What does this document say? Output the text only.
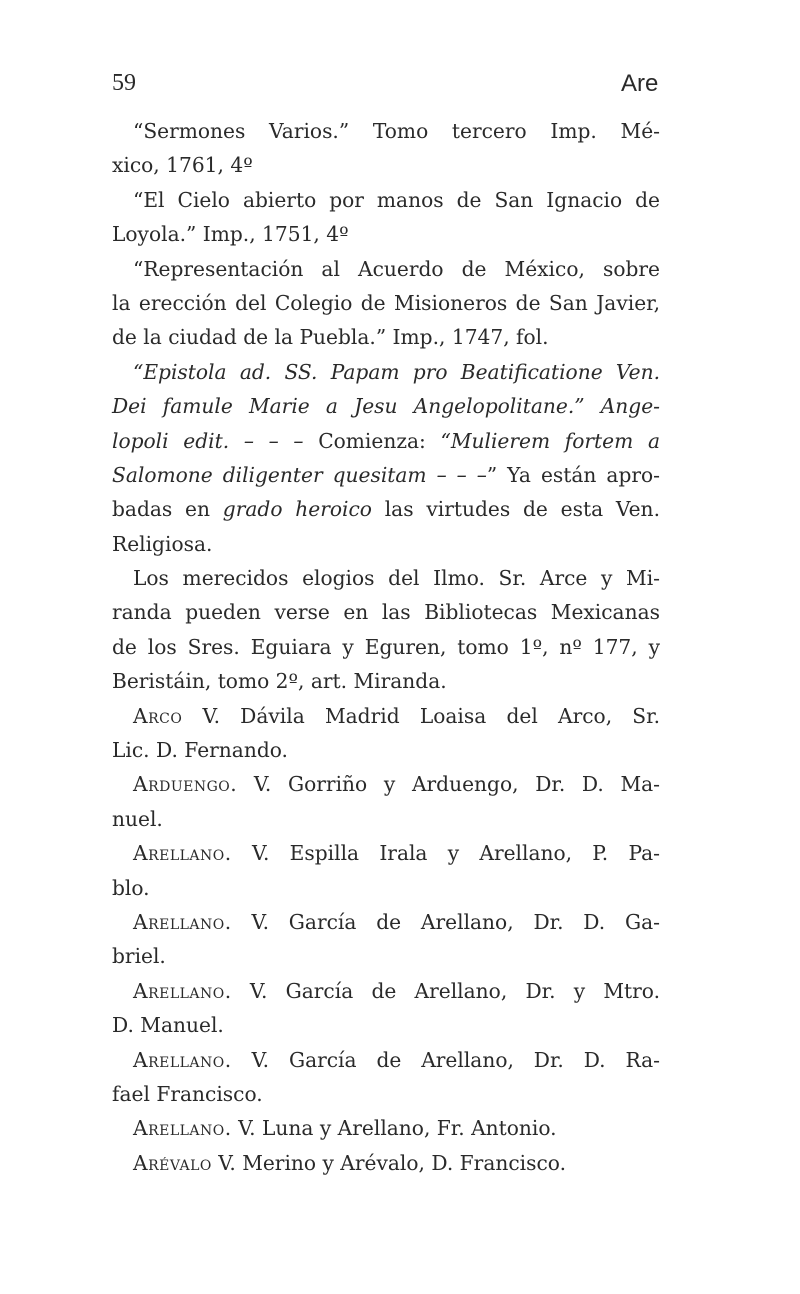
59	Are
“Sermones Varios.” Tomo tercero Imp. Mé-
xico, 1761, 4º
“El Cielo abierto por manos de San Ignacio de
Loyola.” Imp., 1751, 4º
“Representación al Acuerdo de México, sobre
la erección del Colegio de Misioneros de San Javier,
de la ciudad de la Puebla.” Imp., 1747, fol.
“Epistola ad. SS. Papam pro Beatificatione Ven.
Dei famule Marie a Jesu Angelopolitane.” Ange-
lopoli edit. – – – Comienza: “Mulierem fortem a
Salomone diligenter quesitam – – –” Ya están apro-
badas en grado heroico las virtudes de esta Ven.
Religiosa.
Los merecidos elogios del Ilmo. Sr. Arce y Mi-
randa pueden verse en las Bibliotecas Mexicanas
de los Sres. Eguiara y Eguren, tomo 1º, nº 177, y
Beristáin, tomo 2º, art. Miranda.
Arco V. Dávila Madrid Loaisa del Arco, Sr.
Lic. D. Fernando.
Arduengo. V. Gorriño y Arduengo, Dr. D. Ma-
nuel.
Arellano. V. Espilla Irala y Arellano, P. Pa-
blo.
Arellano. V. García de Arellano, Dr. D. Ga-
briel.
Arellano. V. García de Arellano, Dr. y Mtro.
D. Manuel.
Arellano. V. García de Arellano, Dr. D. Ra-
fael Francisco.
Arellano. V. Luna y Arellano, Fr. Antonio.
Arévalo V. Merino y Arévalo, D. Francisco.
